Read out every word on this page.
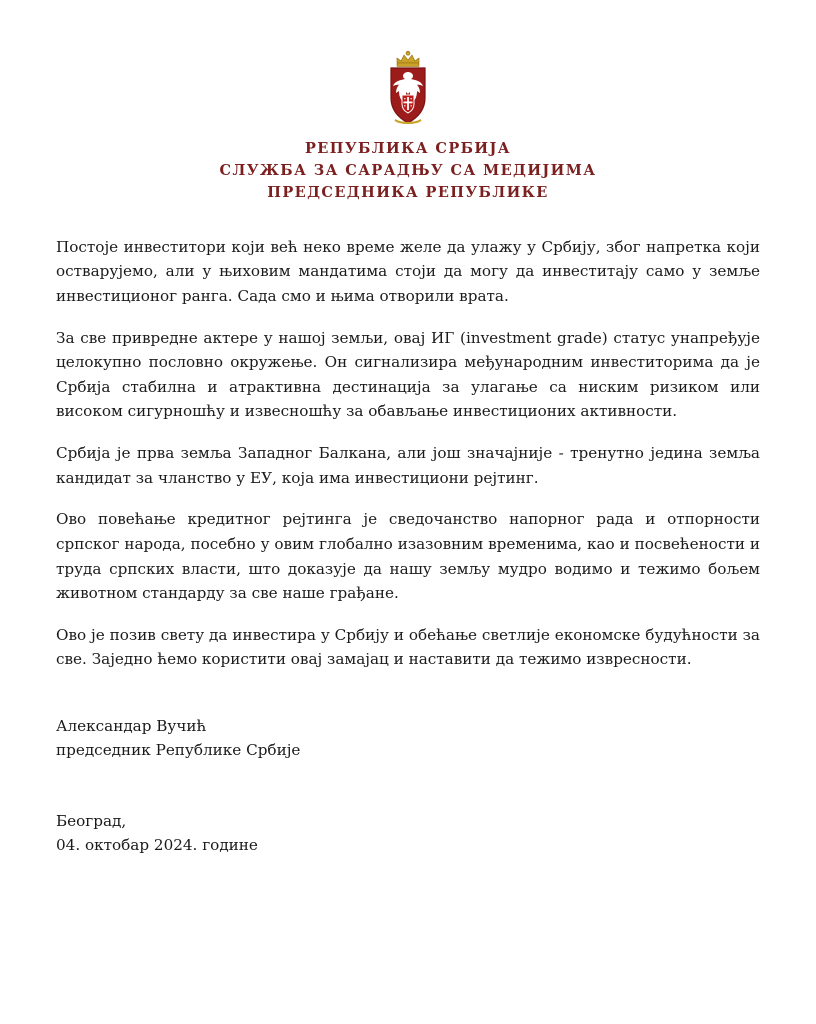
РЕПУБЛИКА СРБИЈА
СЛУЖБА ЗА САРАДЊУ СА МЕДИЈИМА
ПРЕДСЕДНИКА РЕПУБЛИКЕ

Постоје инвеститори који већ неко време желе да улажу у Србију, због напретка који остварујемо, али у њиховим мандатима стоји да могу да инвеститају само у земље инвестиционог ранга. Сада смо и њима отворили врата.

За све привредне актере у нашој земљи, овај ИГ (investment grade) статус унапређује целокупно пословно окружење. Он сигнализира међународним инвеститорима да је Србија стабилна и атрактивна дестинација за улагање са ниским ризиком или високом сигурношћу и извесношћу за обављање инвестиционих активности.

Србија је прва земља Западног Балкана, али још значајније - тренутно једина земља кандидат за чланство у ЕУ, која има инвестициони рејтинг.

Ово повећање кредитног рејтинга је сведочанство напорног рада и отпорности српског народа, посебно у овим глобално изазовним временима, као и посвећености и труда српских власти, што доказује да нашу земљу мудро водимо и тежимо бољем животном стандарду за све наше грађане.

Ово је позив свету да инвестира у Србију и обећање светлије економске будућности за све. Заједно ћемо користити овај замајац и наставити да тежимо извреcности.

Александар Вучић
председник Републике Србије
Београд,
04. октобар 2024. године
